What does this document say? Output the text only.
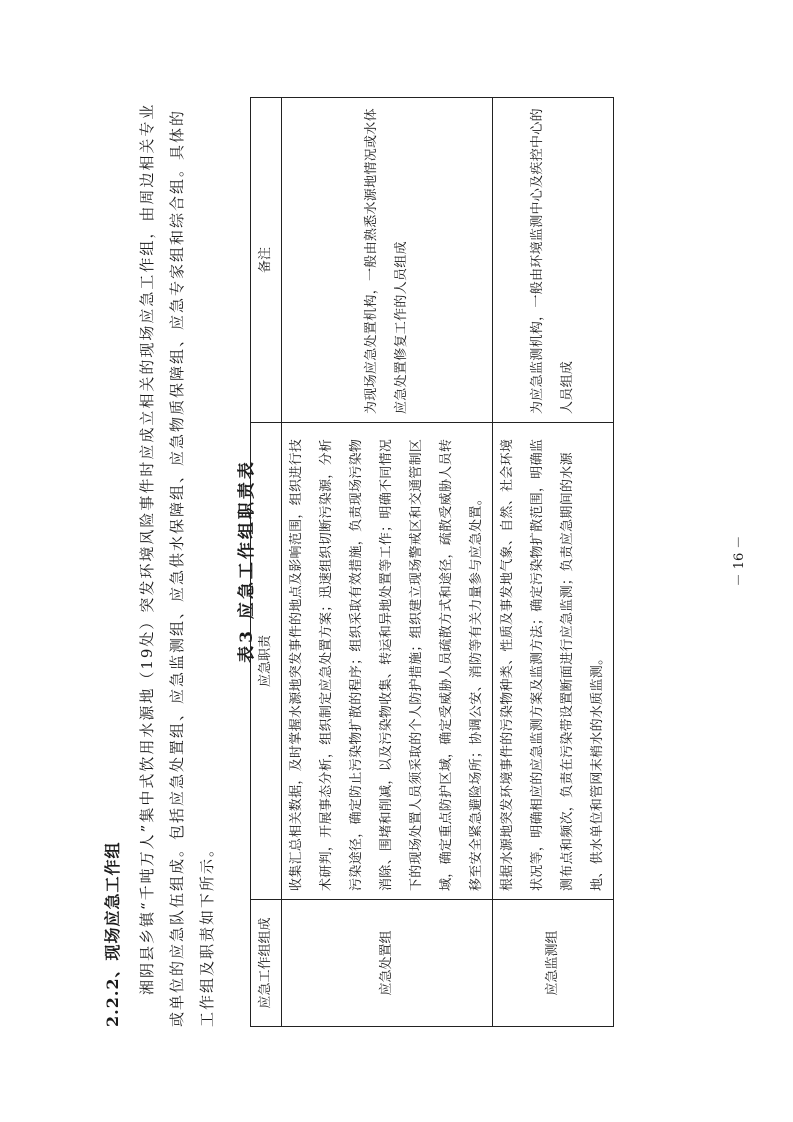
2.2.2、现场应急工作组	湘阴县乡镇“千吨万人”集中式饮用水源地（19处）突发环境风险事件时应成立相关的现场应急工作组，由周边相关专业或单位的应急队伍组成。包括应急处置组、应急监测组、应急供水保障组、应急物质保障组、应急专家组和综合组。具体的工作组及职责如下所示。

表3 应急工作组职责表
应急工作组组成	应急职责	备注
应急处置组	收集汇总相关数据，及时掌握水源地突发事件的地点及影响范围，组织进行技术研判，开展事态分析，组织制定应急处置方案；迅速组织切断污染源，分析污染途径，确定防止污染物扩散的程序；组织采取有效措施，负责现场污染物消除、围堵和削减，以及污染物收集、转运和异地处置等工作；明确不同情况下的现场处置人员须采取的个人防护措施；组织建立现场警戒区和交通管制区域，确定重点防护区域，确定受威胁人员疏散方式和途径，疏散受威胁人员转移至安全紧急避险场所；协调公安、消防等有关力量参与应急处置。	为现场应急处置机构，一般由熟悉水源地情况或水体应急处置修复工作的人员组成
应急监测组	根据水源地突发环境事件的污染物种类、性质及事发地气象、自然、社会环境状况等，明确相应的应急监测方案及监测方法；确定污染物扩散范围，明确监测布点和频次，负责在污染带设置断面进行应急监测；负责应急期间的水源地、供水单位和管网末梢水的水质监测。	为应急监测机构，一般由环境监测中心及疾控中心的人员组成
－ 16 －
